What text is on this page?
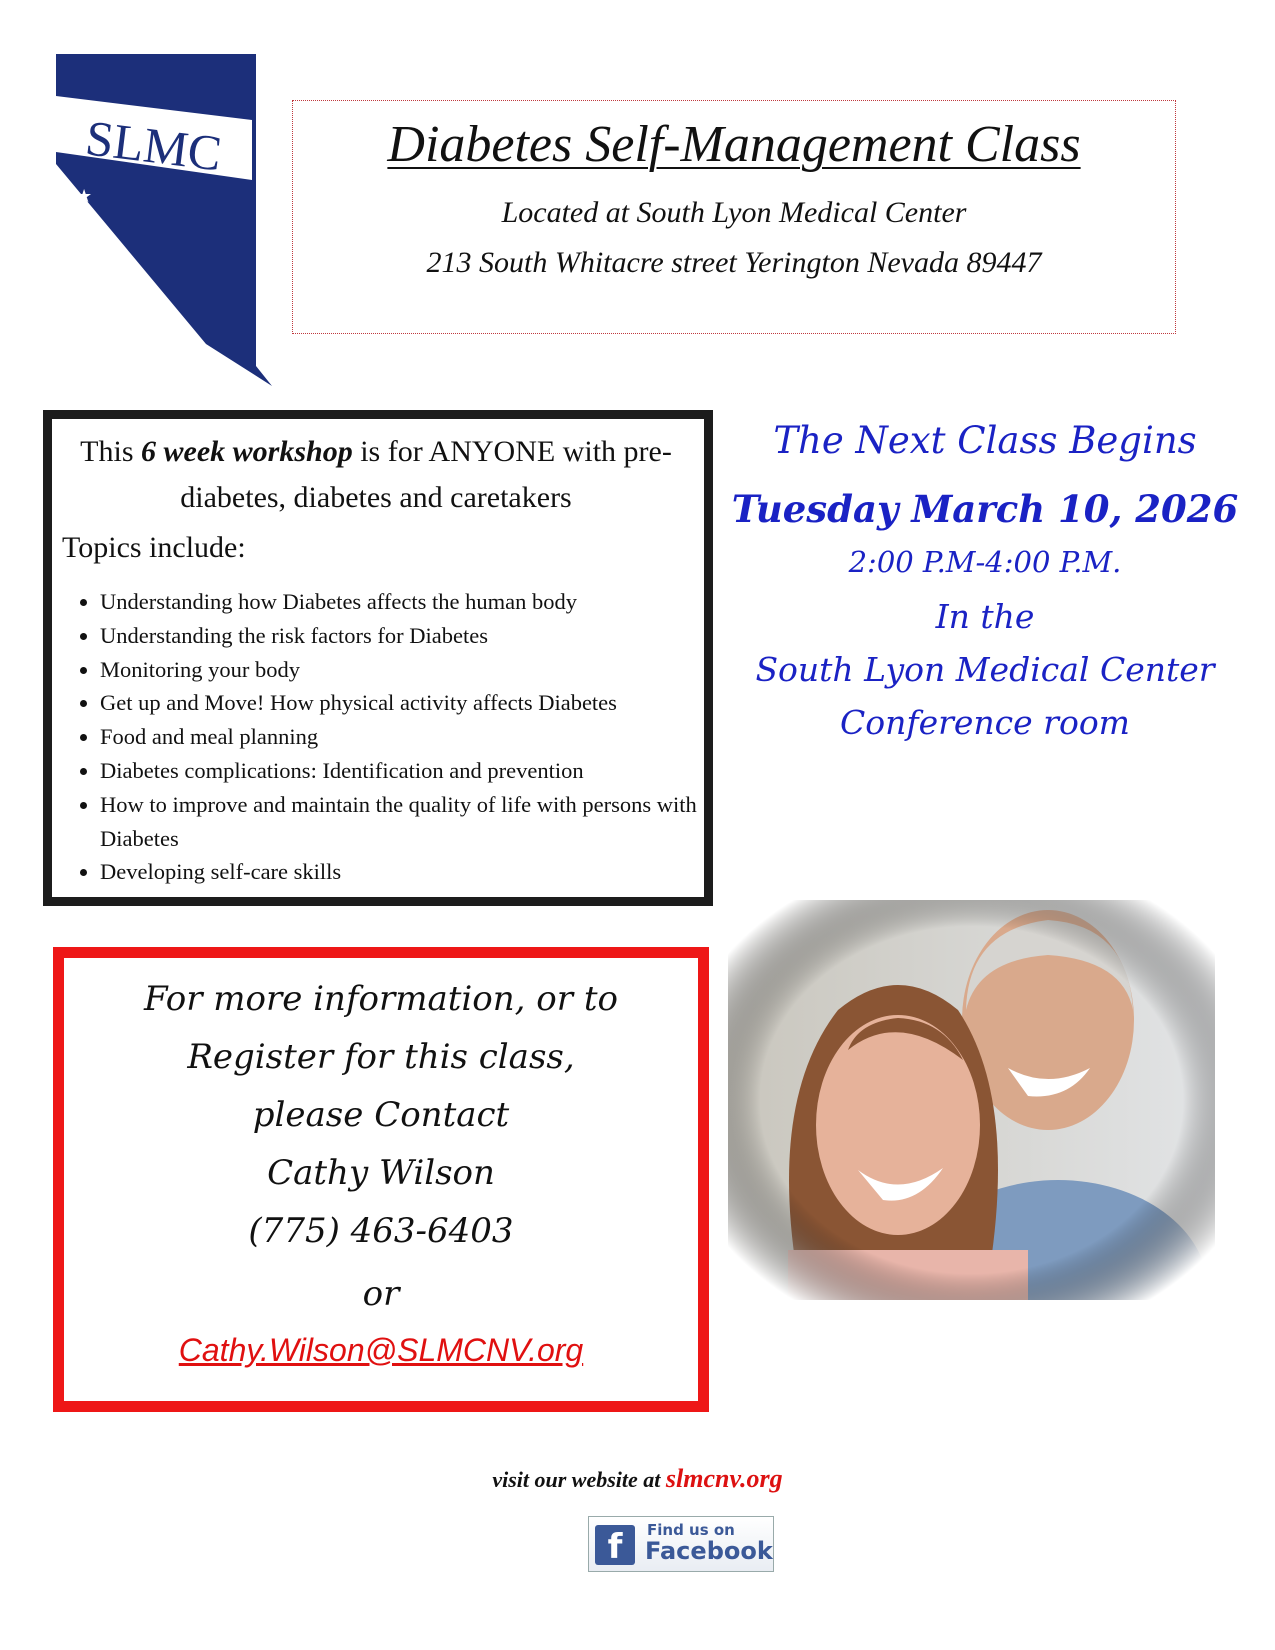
SLMC
★
Diabetes Self-Management Class
Located at South Lyon Medical Center
213 South Whitacre street Yerington Nevada 89447
This 6 week workshop is for ANYONE with pre-diabetes, diabetes and caretakers
Topics include:
• Understanding how Diabetes affects the human body
• Understanding the risk factors for Diabetes
• Monitoring your body
• Get up and Move! How physical activity affects Diabetes
• Food and meal planning
• Diabetes complications: Identification and prevention
• How to improve and maintain the quality of life with persons with Diabetes
• Developing self-care skills
The Next Class Begins
Tuesday March 10, 2026
2:00 P.M-4:00 P.M.
In the
South Lyon Medical Center
Conference room
For more information, or to
Register for this class,
please Contact
Cathy Wilson
(775) 463-6403
or
Cathy.Wilson@SLMCNV.org
visit our website at slmcnv.org
f	Find us on
Facebook
